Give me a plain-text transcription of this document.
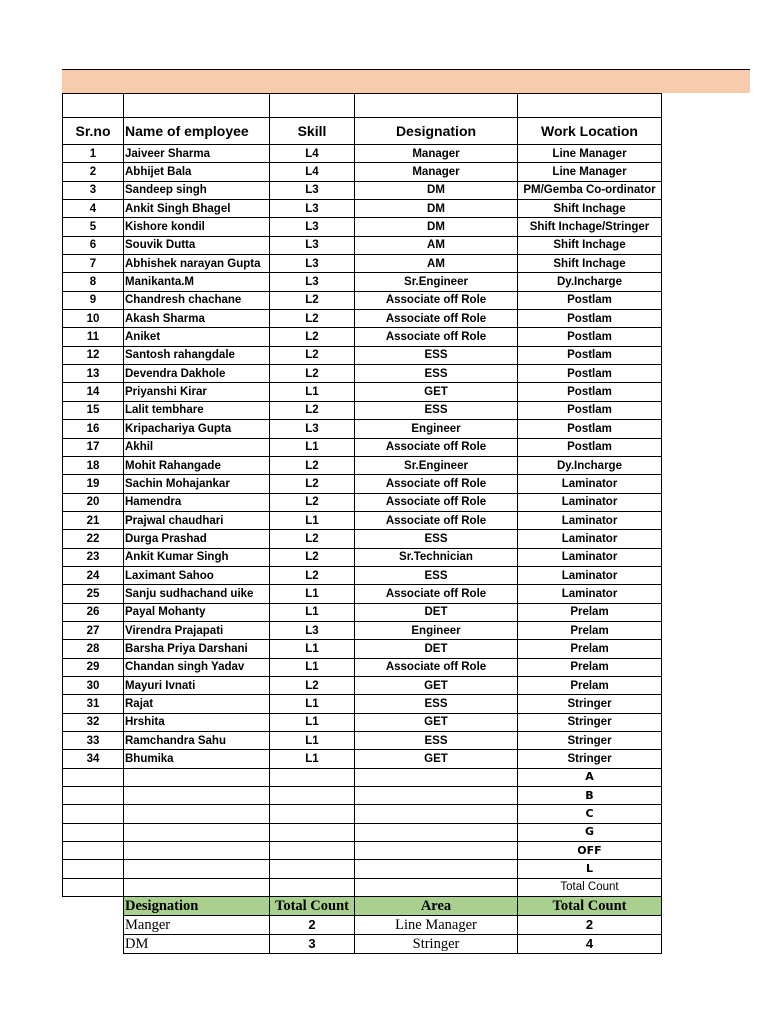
Sr.no	Name of employee	Skill	Designation	Work Location
1	Jaiveer Sharma	L4	Manager	Line Manager
2	Abhijet Bala	L4	Manager	Line Manager
3	Sandeep singh	L3	DM	PM/Gemba Co-ordinator
4	Ankit Singh Bhagel	L3	DM	Shift Inchage
5	Kishore kondil	L3	DM	Shift Inchage/Stringer
6	Souvik Dutta	L3	AM	Shift Inchage
7	Abhishek narayan Gupta	L3	AM	Shift Inchage
8	Manikanta.M	L3	Sr.Engineer	Dy.Incharge
9	Chandresh chachane	L2	Associate off Role	Postlam
10	Akash Sharma	L2	Associate off Role	Postlam
11	Aniket	L2	Associate off Role	Postlam
12	Santosh rahangdale	L2	ESS	Postlam
13	Devendra Dakhole	L2	ESS	Postlam
14	Priyanshi Kirar	L1	GET	Postlam
15	Lalit tembhare	L2	ESS	Postlam
16	Kripachariya Gupta	L3	Engineer	Postlam
17	Akhil	L1	Associate off Role	Postlam
18	Mohit Rahangade	L2	Sr.Engineer	Dy.Incharge
19	Sachin Mohajankar	L2	Associate off Role	Laminator
20	Hamendra	L2	Associate off Role	Laminator
21	Prajwal chaudhari	L1	Associate off Role	Laminator
22	Durga Prashad	L2	ESS	Laminator
23	Ankit Kumar Singh	L2	Sr.Technician	Laminator
24	Laximant Sahoo	L2	ESS	Laminator
25	Sanju sudhachand uike	L1	Associate off Role	Laminator
26	Payal Mohanty	L1	DET	Prelam
27	Virendra Prajapati	L3	Engineer	Prelam
28	Barsha Priya Darshani	L1	DET	Prelam
29	Chandan singh Yadav	L1	Associate off Role	Prelam
30	Mayuri Ivnati	L2	GET	Prelam
31	Rajat	L1	ESS	Stringer
32	Hrshita	L1	GET	Stringer
33	Ramchandra Sahu	L1	ESS	Stringer
34	Bhumika	L1	GET	Stringer
				A
				B
				C
				G
				OFF
				L
				Total Count
	Designation	Total Count	Area	Total Count
	Manger	2	Line Manager	2
	DM	3	Stringer	4
